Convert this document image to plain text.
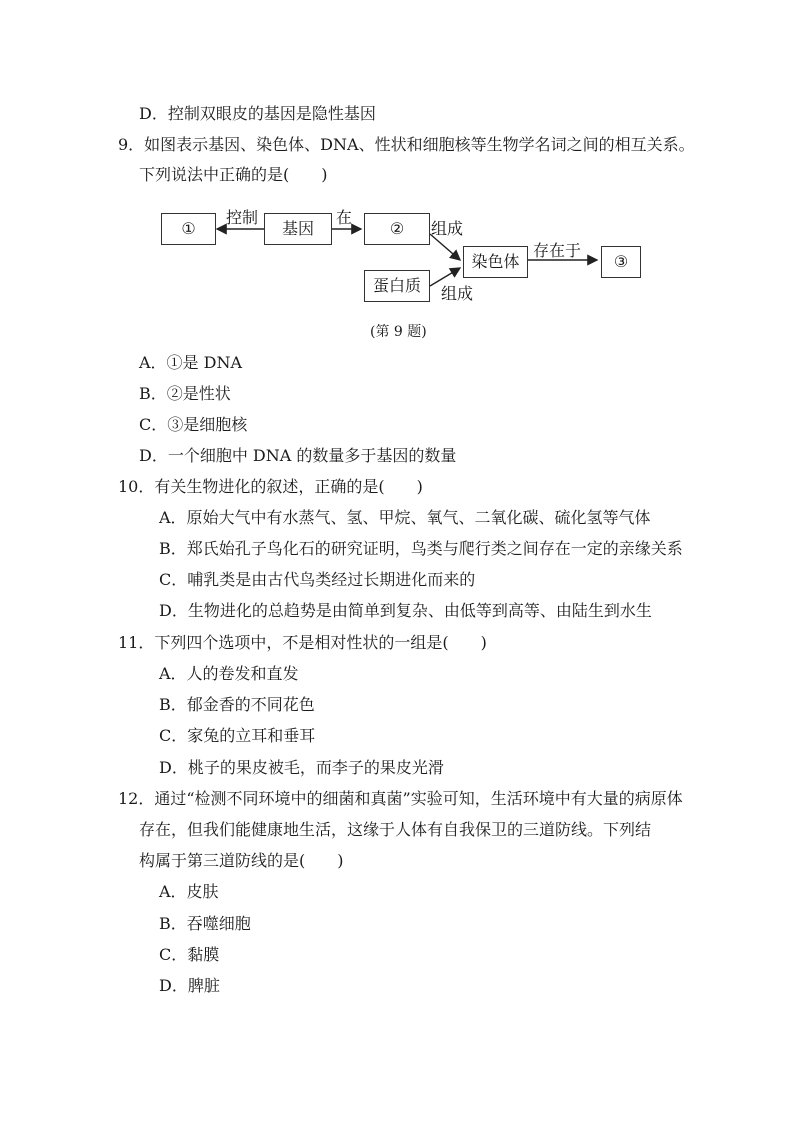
D．控制双眼皮的基因是隐性基因
9．如图表示基因、染色体、DNA、性状和细胞核等生物学名词之间的相互关系。
下列说法中正确的是(　　)
①	基因	②
蛋白质
染色体	③
控制	在
组成
组成
存在于
(第 9 题)
A．①是 DNA
B．②是性状
C．③是细胞核
D．一个细胞中 DNA 的数量多于基因的数量
10．有关生物进化的叙述，正确的是(　　)
A．原始大气中有水蒸气、氢、甲烷、氧气、二氧化碳、硫化氢等气体
B．郑氏始孔子鸟化石的研究证明，鸟类与爬行类之间存在一定的亲缘关系
C．哺乳类是由古代鸟类经过长期进化而来的
D．生物进化的总趋势是由简单到复杂、由低等到高等、由陆生到水生
11．下列四个选项中，不是相对性状的一组是(　　)
A．人的卷发和直发
B．郁金香的不同花色
C．家兔的立耳和垂耳
D．桃子的果皮被毛，而李子的果皮光滑
12．通过“检测不同环境中的细菌和真菌”实验可知，生活环境中有大量的病原体
存在，但我们能健康地生活，这缘于人体有自我保卫的三道防线。下列结
构属于第三道防线的是(　　)
A．皮肤
B．吞噬细胞
C．黏膜
D．脾脏
